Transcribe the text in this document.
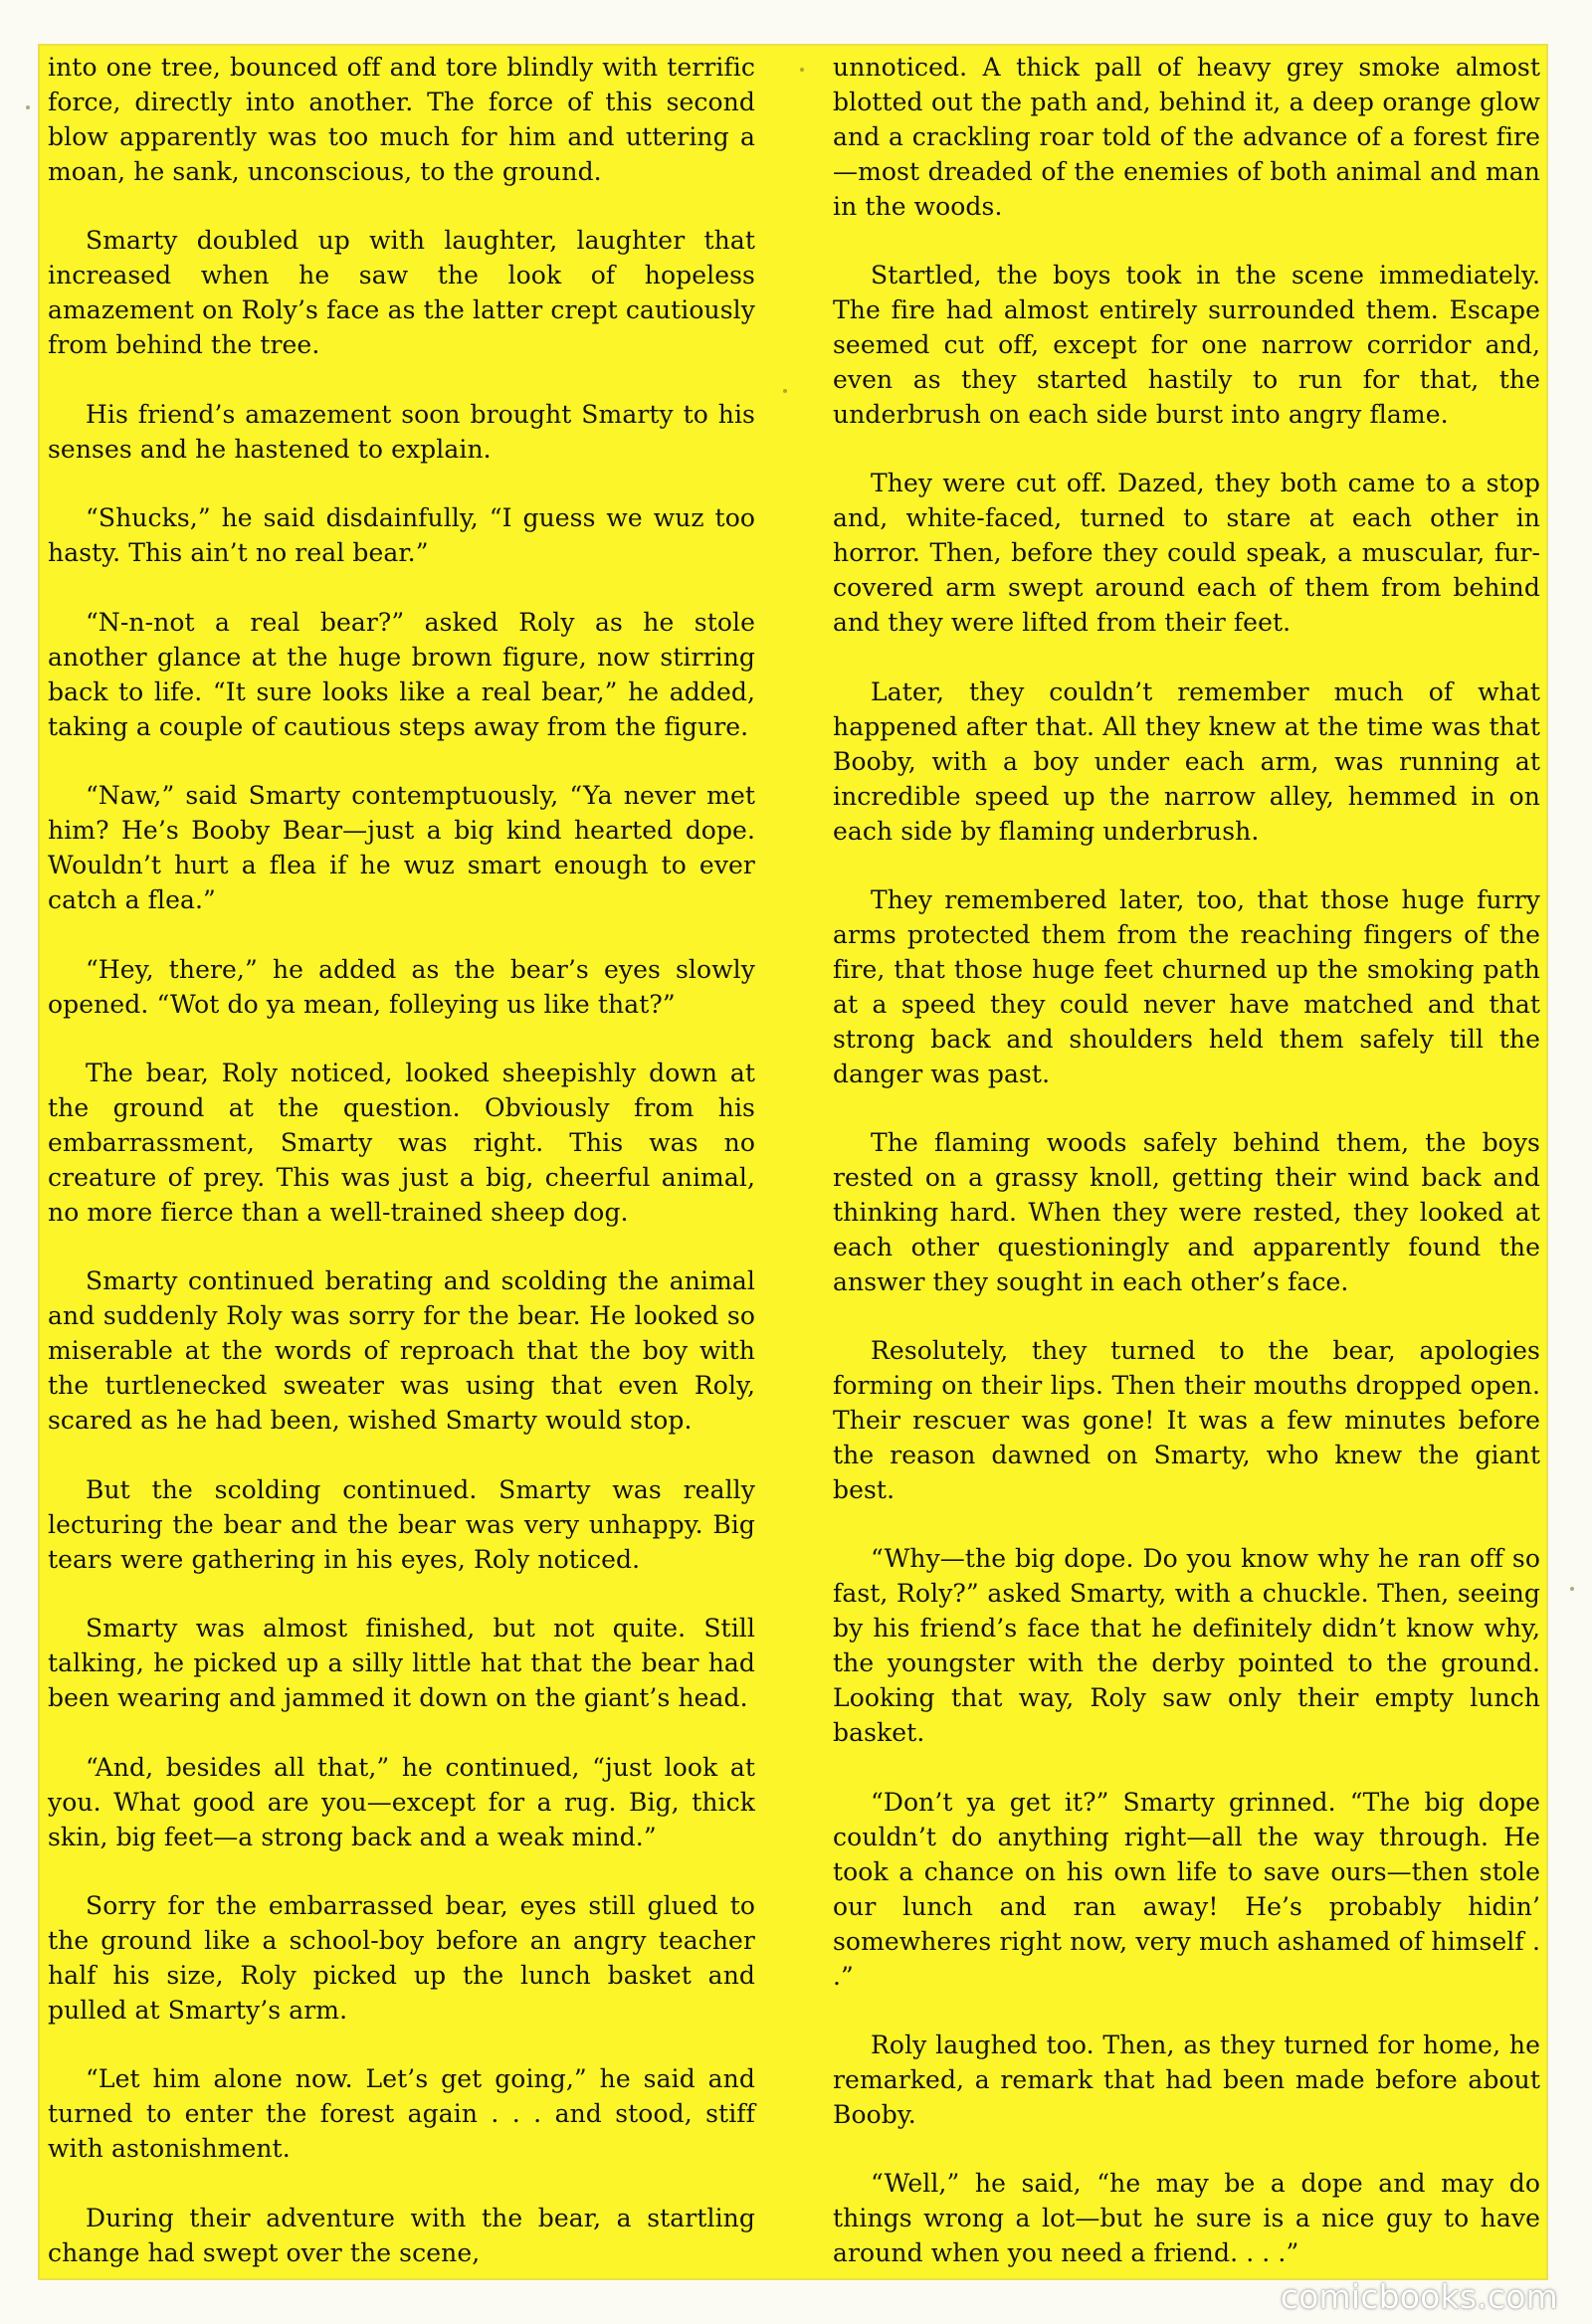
into one tree, bounced off and tore blindly with terrific force, directly into another. The force of this second blow apparently was too much for him and uttering a moan, he sank, unconscious, to the ground.

Smarty doubled up with laughter, laughter that increased when he saw the look of hopeless amazement on Roly’s face as the latter crept cautiously from behind the tree.

His friend’s amazement soon brought Smarty to his senses and he hastened to explain.

“Shucks,” he said disdainfully, “I guess we wuz too hasty. This ain’t no real bear.”

“N-n-not a real bear?” asked Roly as he stole another glance at the huge brown figure, now stirring back to life. “It sure looks like a real bear,” he added, taking a couple of cautious steps away from the figure.

“Naw,” said Smarty contemptuously, “Ya never met him? He’s Booby Bear—just a big kind hearted dope. Wouldn’t hurt a flea if he wuz smart enough to ever catch a flea.”

“Hey, there,” he added as the bear’s eyes slowly opened. “Wot do ya mean, folleying us like that?”

The bear, Roly noticed, looked sheepishly down at the ground at the question. Obviously from his embarrassment, Smarty was right. This was no creature of prey. This was just a big, cheerful animal, no more fierce than a well-trained sheep dog.

Smarty continued berating and scolding the animal and suddenly Roly was sorry for the bear. He looked so miserable at the words of reproach that the boy with the turtlenecked sweater was using that even Roly, scared as he had been, wished Smarty would stop.

But the scolding continued. Smarty was really lecturing the bear and the bear was very unhappy. Big tears were gathering in his eyes, Roly noticed.

Smarty was almost finished, but not quite. Still talking, he picked up a silly little hat that the bear had been wearing and jammed it down on the giant’s head.

“And, besides all that,” he continued, “just look at you. What good are you—except for a rug. Big, thick skin, big feet—a strong back and a weak mind.”

Sorry for the embarrassed bear, eyes still glued to the ground like a school-boy before an angry teacher half his size, Roly picked up the lunch basket and pulled at Smarty’s arm.

“Let him alone now. Let’s get going,” he said and turned to enter the forest again . . . and stood, stiff with astonishment.

During their adventure with the bear, a startling change had swept over the scene,

unnoticed. A thick pall of heavy grey smoke almost blotted out the path and, behind it, a deep orange glow and a crackling roar told of the advance of a forest fire—most dreaded of the enemies of both animal and man in the woods.

Startled, the boys took in the scene immediately. The fire had almost entirely surrounded them. Escape seemed cut off, except for one narrow corridor and, even as they started hastily to run for that, the underbrush on each side burst into angry flame.

They were cut off. Dazed, they both came to a stop and, white-faced, turned to stare at each other in horror. Then, before they could speak, a muscular, fur-covered arm swept around each of them from behind and they were lifted from their feet.

Later, they couldn’t remember much of what happened after that. All they knew at the time was that Booby, with a boy under each arm, was running at incredible speed up the narrow alley, hemmed in on each side by flaming underbrush.

They remembered later, too, that those huge furry arms protected them from the reaching fingers of the fire, that those huge feet churned up the smoking path at a speed they could never have matched and that strong back and shoulders held them safely till the danger was past.

The flaming woods safely behind them, the boys rested on a grassy knoll, getting their wind back and thinking hard. When they were rested, they looked at each other questioningly and apparently found the answer they sought in each other’s face.

Resolutely, they turned to the bear, apologies forming on their lips. Then their mouths dropped open. Their rescuer was gone! It was a few minutes before the reason dawned on Smarty, who knew the giant best.

“Why—the big dope. Do you know why he ran off so fast, Roly?” asked Smarty, with a chuckle. Then, seeing by his friend’s face that he definitely didn’t know why, the youngster with the derby pointed to the ground. Looking that way, Roly saw only their empty lunch basket.

“Don’t ya get it?” Smarty grinned. “The big dope couldn’t do anything right—all the way through. He took a chance on his own life to save ours—then stole our lunch and ran away! He’s probably hidin’ somewheres right now, very much ashamed of himself . .”

Roly laughed too. Then, as they turned for home, he remarked, a remark that had been made before about Booby.

“Well,” he said, “he may be a dope and may do things wrong a lot—but he sure is a nice guy to have around when you need a friend. . . .”

comicbooks.com
